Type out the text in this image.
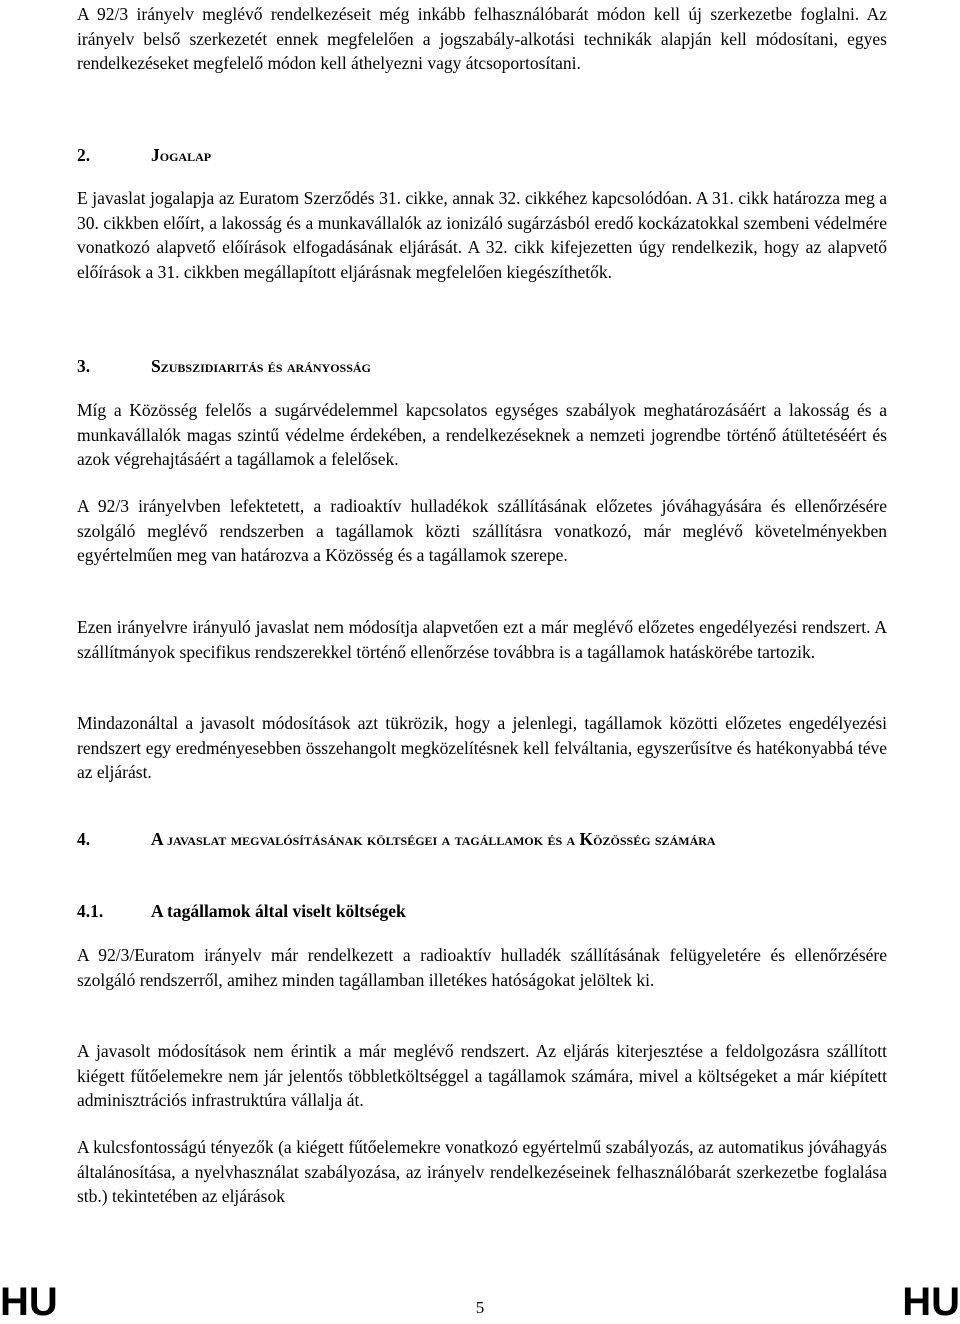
A 92/3 irányelv meglévő rendelkezéseit még inkább felhasználóbarát módon kell új szerkezetbe foglalni. Az irányelv belső szerkezetét ennek megfelelően a jogszabály-alkotási technikák alapján kell módosítani, egyes rendelkezéseket megfelelő módon kell áthelyezni vagy átcsoportosítani.

2.	Jogalap

E javaslat jogalapja az Euratom Szerződés 31. cikke, annak 32. cikkéhez kapcsolódóan. A 31. cikk határozza meg a 30. cikkben előírt, a lakosság és a munkavállalók az ionizáló sugárzásból eredő kockázatokkal szembeni védelmére vonatkozó alapvető előírások elfogadásának eljárását. A 32. cikk kifejezetten úgy rendelkezik, hogy az alapvető előírások a 31. cikkben megállapított eljárásnak megfelelően kiegészíthetők.

3.	Szubszidiaritás és arányosság

Míg a Közösség felelős a sugárvédelemmel kapcsolatos egységes szabályok meghatározásáért a lakosság és a munkavállalók magas szintű védelme érdekében, a rendelkezéseknek a nemzeti jogrendbe történő átültetéséért és azok végrehajtásáért a tagállamok a felelősek.

A 92/3 irányelvben lefektetett, a radioaktív hulladékok szállításának előzetes jóváhagyására és ellenőrzésére szolgáló meglévő rendszerben a tagállamok közti szállításra vonatkozó, már meglévő követelményekben egyértelműen meg van határozva a Közösség és a tagállamok szerepe.

Ezen irányelvre irányuló javaslat nem módosítja alapvetően ezt a már meglévő előzetes engedélyezési rendszert. A szállítmányok specifikus rendszerekkel történő ellenőrzése továbbra is a tagállamok hatáskörébe tartozik.

Mindazonáltal a javasolt módosítások azt tükrözik, hogy a jelenlegi, tagállamok közötti előzetes engedélyezési rendszert egy eredményesebben összehangolt megközelítésnek kell felváltania, egyszerűsítve és hatékonyabbá téve az eljárást.

4.	A javaslat megvalósításának költségei a tagállamok és a Közösség számára
4.1.	A tagállamok által viselt költségek

A 92/3/Euratom irányelv már rendelkezett a radioaktív hulladék szállításának felügyeletére és ellenőrzésére szolgáló rendszerről, amihez minden tagállamban illetékes hatóságokat jelöltek ki.

A javasolt módosítások nem érintik a már meglévő rendszert. Az eljárás kiterjesztése a feldolgozásra szállított kiégett fűtőelemekre nem jár jelentős többletköltséggel a tagállamok számára, mivel a költségeket a már kiépített adminisztrációs infrastruktúra vállalja át.

A kulcsfontosságú tényezők (a kiégett fűtőelemekre vonatkozó egyértelmű szabályozás, az automatikus jóváhagyás általánosítása, a nyelvhasználat szabályozása, az irányelv rendelkezéseinek felhasználóbarát szerkezetbe foglalása stb.) tekintetében az eljárások

HU	5	HU
